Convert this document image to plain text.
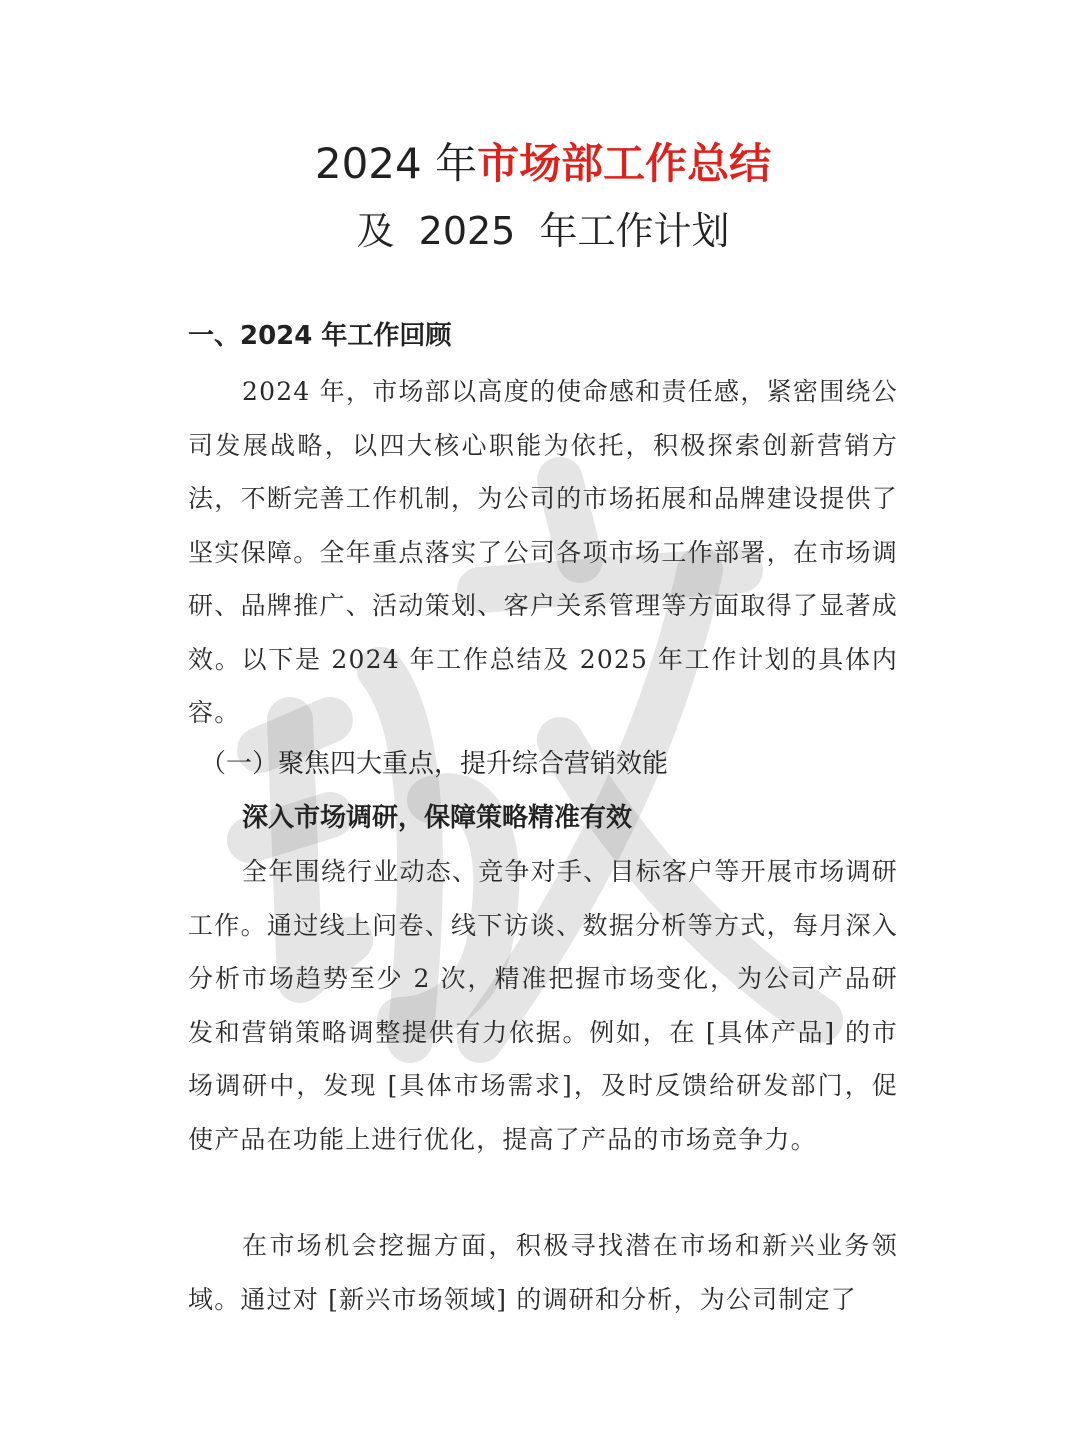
2024 年市场部工作总结
及 2025 年工作计划
一、2024 年工作回顾

2024 年，市场部以高度的使命感和责任感，紧密围绕公司发展战略，以四大核心职能为依托，积极探索创新营销方法，不断完善工作机制，为公司的市场拓展和品牌建设提供了坚实保障。全年重点落实了公司各项市场工作部署，在市场调研、品牌推广、活动策划、客户关系管理等方面取得了显著成效。以下是 2024 年工作总结及 2025 年工作计划的具体内容。

（一）聚焦四大重点，提升综合营销效能
深入市场调研，保障策略精准有效

全年围绕行业动态、竞争对手、目标客户等开展市场调研工作。通过线上问卷、线下访谈、数据分析等方式，每月深入分析市场趋势至少 2 次，精准把握市场变化，为公司产品研发和营销策略调整提供有力依据。例如，在 [具体产品] 的市场调研中，发现 [具体市场需求]，及时反馈给研发部门，促使产品在功能上进行优化，提高了产品的市场竞争力。

在市场机会挖掘方面，积极寻找潜在市场和新兴业务领域。通过对 [新兴市场领域] 的调研和分析，为公司制定了
